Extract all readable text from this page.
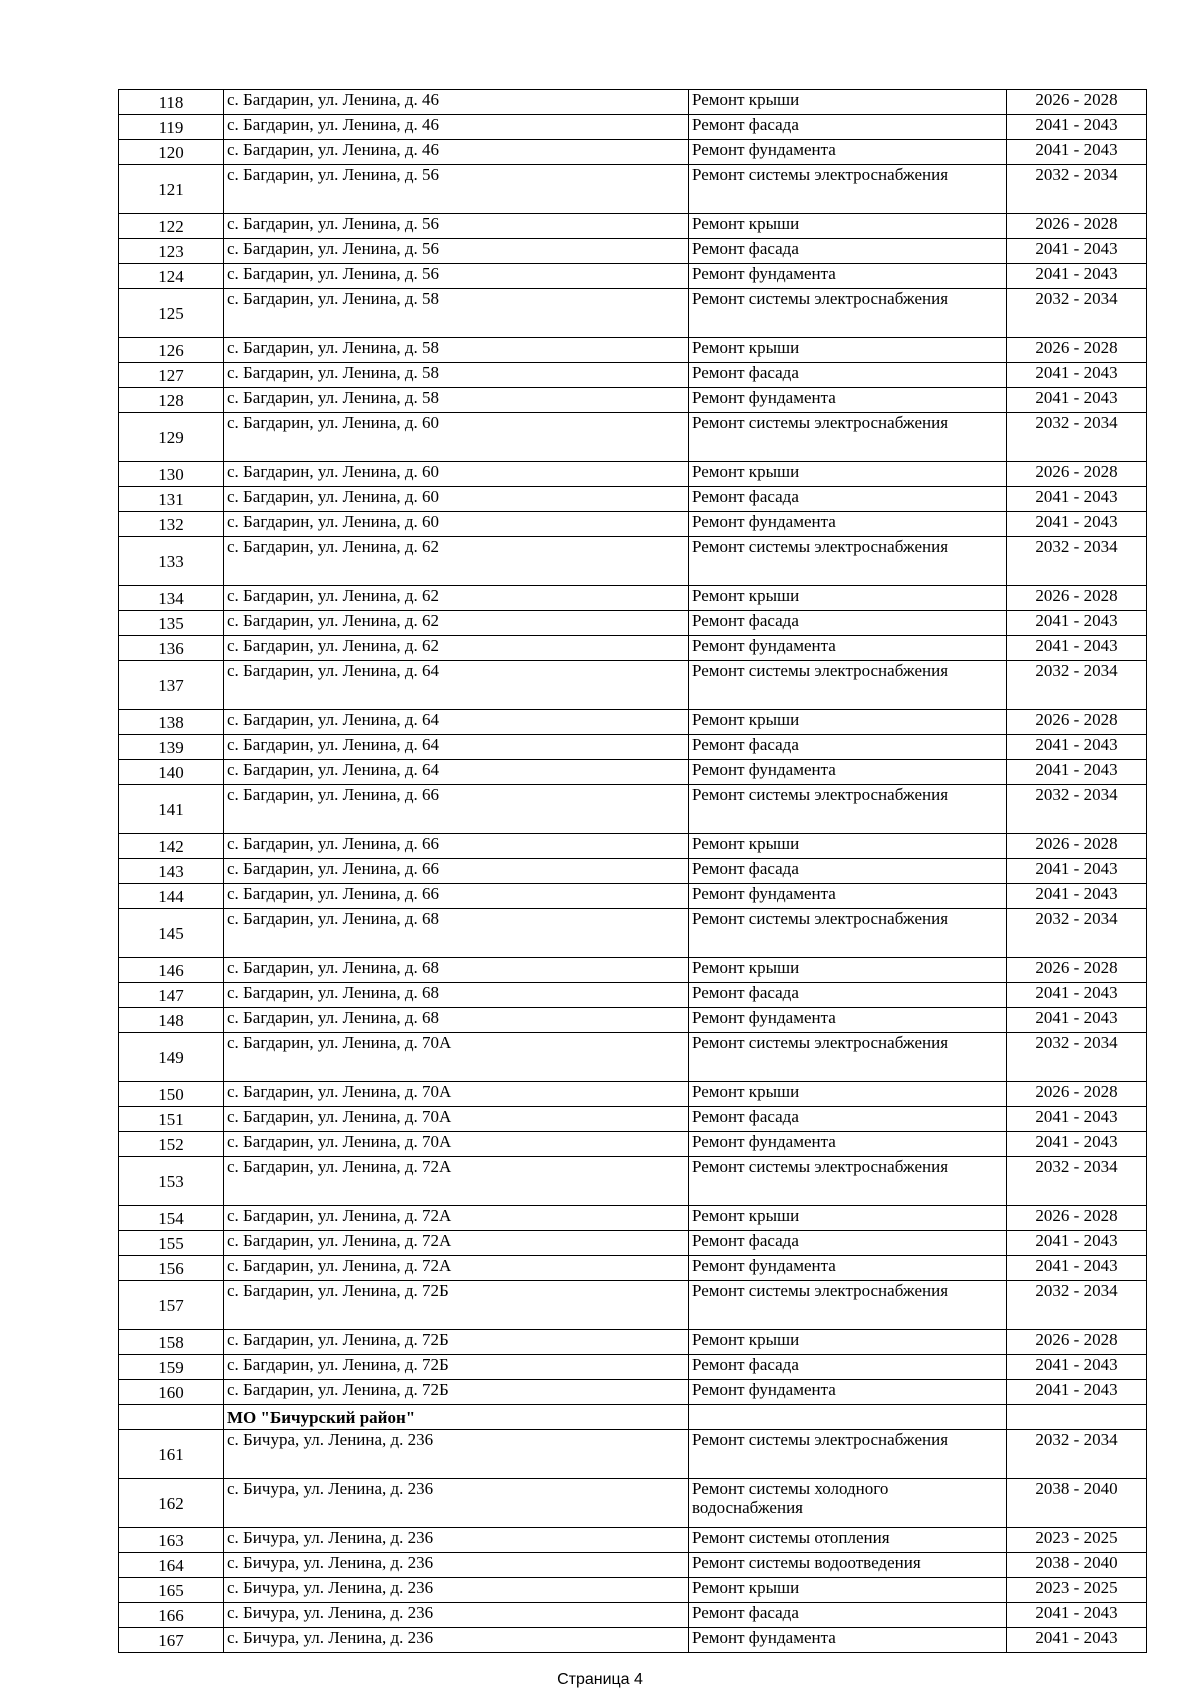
118	с. Багдарин, ул. Ленина, д. 46	Ремонт крыши	2026 - 2028
119	с. Багдарин, ул. Ленина, д. 46	Ремонт фасада	2041 - 2043
120	с. Багдарин, ул. Ленина, д. 46	Ремонт фундамента	2041 - 2043
121	с. Багдарин, ул. Ленина, д. 56	Ремонт системы электроснабжения	2032 - 2034
122	с. Багдарин, ул. Ленина, д. 56	Ремонт крыши	2026 - 2028
123	с. Багдарин, ул. Ленина, д. 56	Ремонт фасада	2041 - 2043
124	с. Багдарин, ул. Ленина, д. 56	Ремонт фундамента	2041 - 2043
125	с. Багдарин, ул. Ленина, д. 58	Ремонт системы электроснабжения	2032 - 2034
126	с. Багдарин, ул. Ленина, д. 58	Ремонт крыши	2026 - 2028
127	с. Багдарин, ул. Ленина, д. 58	Ремонт фасада	2041 - 2043
128	с. Багдарин, ул. Ленина, д. 58	Ремонт фундамента	2041 - 2043
129	с. Багдарин, ул. Ленина, д. 60	Ремонт системы электроснабжения	2032 - 2034
130	с. Багдарин, ул. Ленина, д. 60	Ремонт крыши	2026 - 2028
131	с. Багдарин, ул. Ленина, д. 60	Ремонт фасада	2041 - 2043
132	с. Багдарин, ул. Ленина, д. 60	Ремонт фундамента	2041 - 2043
133	с. Багдарин, ул. Ленина, д. 62	Ремонт системы электроснабжения	2032 - 2034
134	с. Багдарин, ул. Ленина, д. 62	Ремонт крыши	2026 - 2028
135	с. Багдарин, ул. Ленина, д. 62	Ремонт фасада	2041 - 2043
136	с. Багдарин, ул. Ленина, д. 62	Ремонт фундамента	2041 - 2043
137	с. Багдарин, ул. Ленина, д. 64	Ремонт системы электроснабжения	2032 - 2034
138	с. Багдарин, ул. Ленина, д. 64	Ремонт крыши	2026 - 2028
139	с. Багдарин, ул. Ленина, д. 64	Ремонт фасада	2041 - 2043
140	с. Багдарин, ул. Ленина, д. 64	Ремонт фундамента	2041 - 2043
141	с. Багдарин, ул. Ленина, д. 66	Ремонт системы электроснабжения	2032 - 2034
142	с. Багдарин, ул. Ленина, д. 66	Ремонт крыши	2026 - 2028
143	с. Багдарин, ул. Ленина, д. 66	Ремонт фасада	2041 - 2043
144	с. Багдарин, ул. Ленина, д. 66	Ремонт фундамента	2041 - 2043
145	с. Багдарин, ул. Ленина, д. 68	Ремонт системы электроснабжения	2032 - 2034
146	с. Багдарин, ул. Ленина, д. 68	Ремонт крыши	2026 - 2028
147	с. Багдарин, ул. Ленина, д. 68	Ремонт фасада	2041 - 2043
148	с. Багдарин, ул. Ленина, д. 68	Ремонт фундамента	2041 - 2043
149	с. Багдарин, ул. Ленина, д. 70А	Ремонт системы электроснабжения	2032 - 2034
150	с. Багдарин, ул. Ленина, д. 70А	Ремонт крыши	2026 - 2028
151	с. Багдарин, ул. Ленина, д. 70А	Ремонт фасада	2041 - 2043
152	с. Багдарин, ул. Ленина, д. 70А	Ремонт фундамента	2041 - 2043
153	с. Багдарин, ул. Ленина, д. 72А	Ремонт системы электроснабжения	2032 - 2034
154	с. Багдарин, ул. Ленина, д. 72А	Ремонт крыши	2026 - 2028
155	с. Багдарин, ул. Ленина, д. 72А	Ремонт фасада	2041 - 2043
156	с. Багдарин, ул. Ленина, д. 72А	Ремонт фундамента	2041 - 2043
157	с. Багдарин, ул. Ленина, д. 72Б	Ремонт системы электроснабжения	2032 - 2034
158	с. Багдарин, ул. Ленина, д. 72Б	Ремонт крыши	2026 - 2028
159	с. Багдарин, ул. Ленина, д. 72Б	Ремонт фасада	2041 - 2043
160	с. Багдарин, ул. Ленина, д. 72Б	Ремонт фундамента	2041 - 2043
	МО "Бичурский район"		
161	с. Бичура, ул. Ленина, д. 236	Ремонт системы электроснабжения	2032 - 2034
162	с. Бичура, ул. Ленина, д. 236	Ремонт системы холодного водоснабжения	2038 - 2040
163	с. Бичура, ул. Ленина, д. 236	Ремонт системы отопления	2023 - 2025
164	с. Бичура, ул. Ленина, д. 236	Ремонт системы водоотведения	2038 - 2040
165	с. Бичура, ул. Ленина, д. 236	Ремонт крыши	2023 - 2025
166	с. Бичура, ул. Ленина, д. 236	Ремонт фасада	2041 - 2043
167	с. Бичура, ул. Ленина, д. 236	Ремонт фундамента	2041 - 2043
Страница 4
